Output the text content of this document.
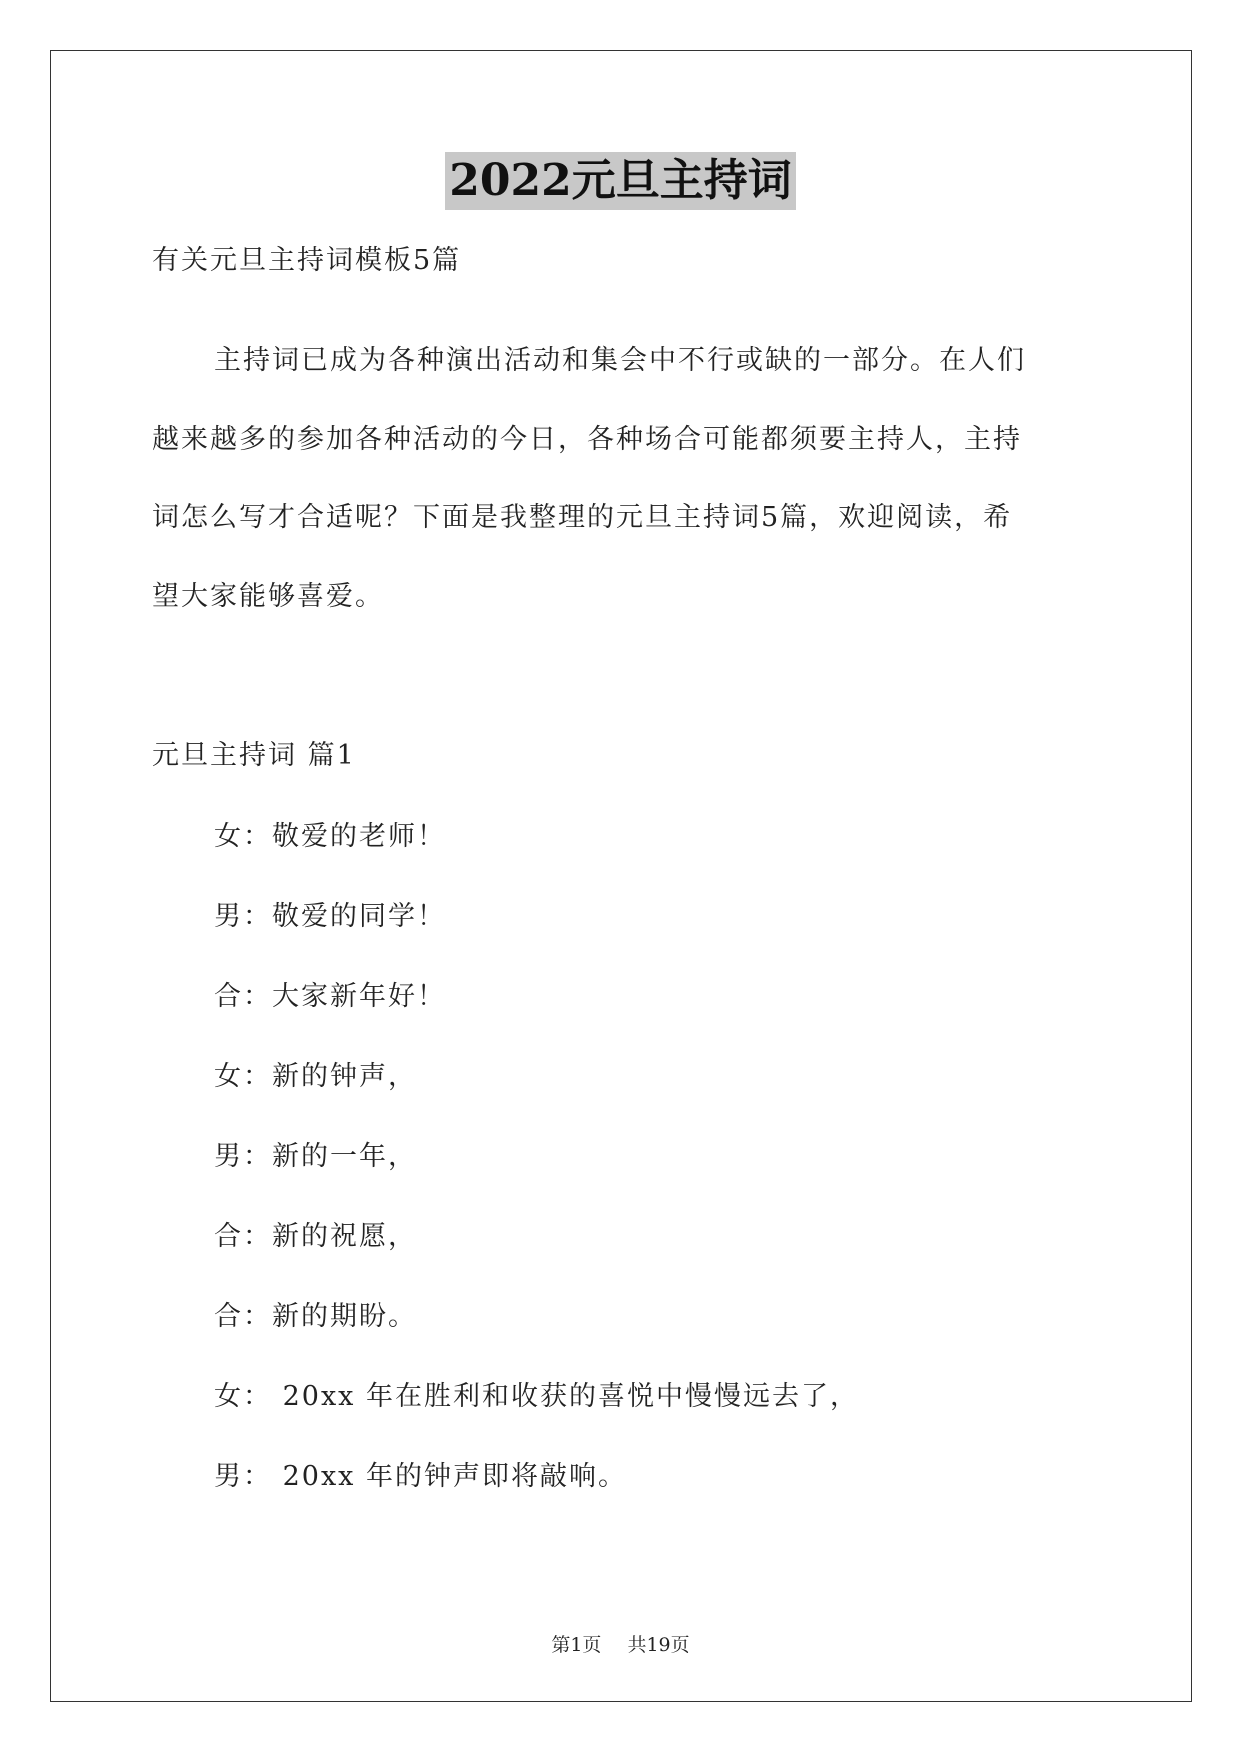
2022元旦主持词
有关元旦主持词模板5篇
主持词已成为各种演出活动和集会中不行或缺的一部分。在人们
越来越多的参加各种活动的今日，各种场合可能都须要主持人，主持
词怎么写才合适呢？下面是我整理的元旦主持词5篇，欢迎阅读，希
望大家能够喜爱。
元旦主持词 篇1
女：敬爱的老师！
男：敬爱的同学！
合：大家新年好！
女：新的钟声，
男：新的一年，
合：新的祝愿，
合：新的期盼。
女： 20xx 年在胜利和收获的喜悦中慢慢远去了，
男： 20xx 年的钟声即将敲响。
第1页 共19页
